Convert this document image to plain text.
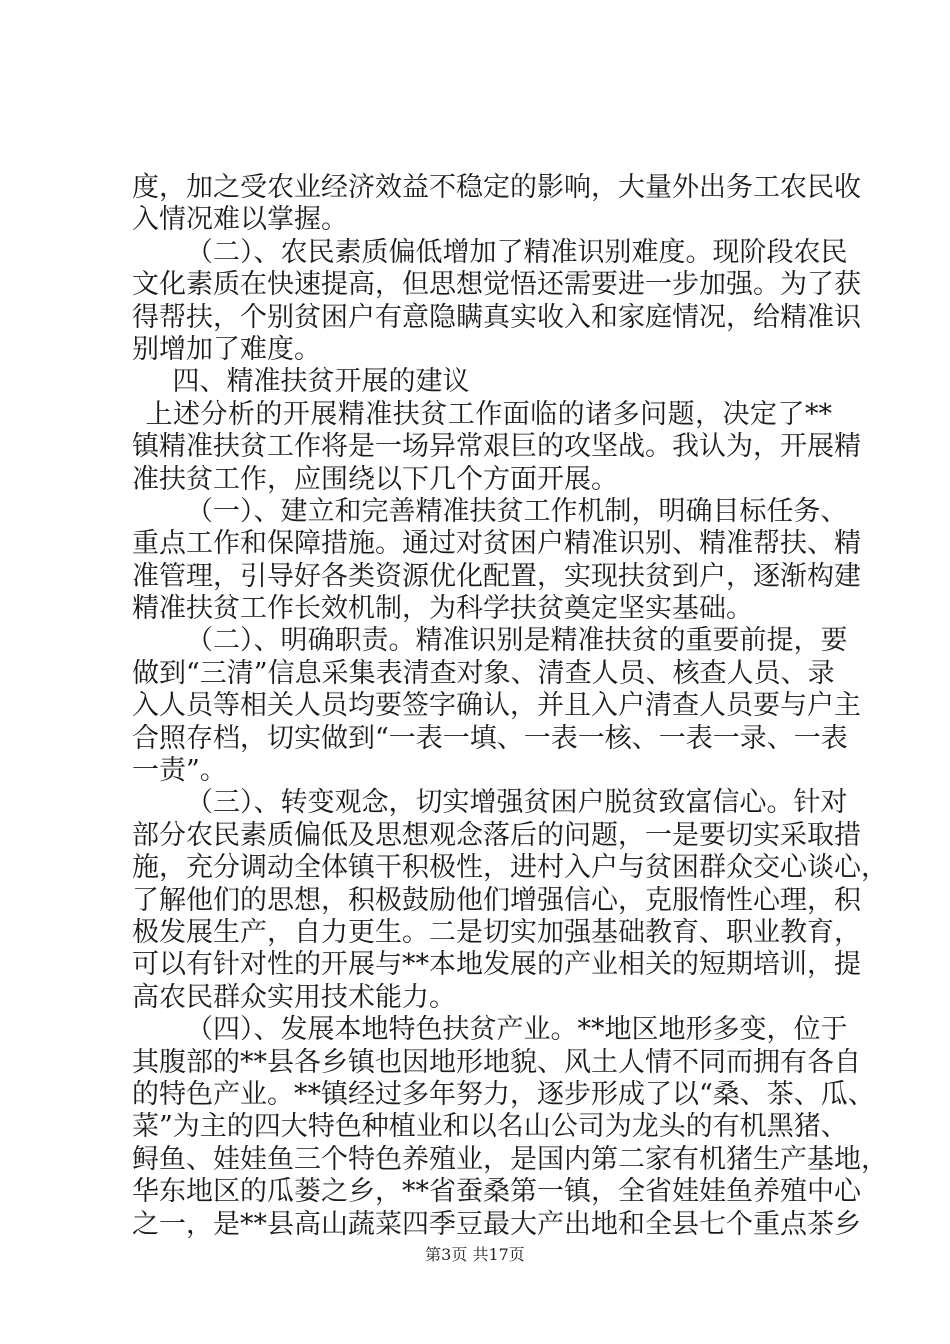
度，加之受农业经济效益不稳定的影响，大量外出务工农民收
入情况难以掌握。
（二）、农民素质偏低增加了精准识别难度。现阶段农民
文化素质在快速提高，但思想觉悟还需要进一步加强。为了获
得帮扶，个别贫困户有意隐瞒真实收入和家庭情况，给精准识
别增加了难度。
四、精准扶贫开展的建议
上述分析的开展精准扶贫工作面临的诸多问题，决定了**
镇精准扶贫工作将是一场异常艰巨的攻坚战。我认为，开展精
准扶贫工作，应围绕以下几个方面开展。
（一）、建立和完善精准扶贫工作机制，明确目标任务、
重点工作和保障措施。通过对贫困户精准识别、精准帮扶、精
准管理，引导好各类资源优化配置，实现扶贫到户，逐渐构建
精准扶贫工作长效机制，为科学扶贫奠定坚实基础。
（二）、明确职责。精准识别是精准扶贫的重要前提，要
做到“三清”信息采集表清查对象、清查人员、核查人员、录
入人员等相关人员均要签字确认，并且入户清查人员要与户主
合照存档，切实做到“一表一填、一表一核、一表一录、一表
一责”。
（三）、转变观念，切实增强贫困户脱贫致富信心。针对
部分农民素质偏低及思想观念落后的问题，一是要切实采取措
施，充分调动全体镇干积极性，进村入户与贫困群众交心谈心，
了解他们的思想，积极鼓励他们增强信心，克服惰性心理，积
极发展生产，自力更生。二是切实加强基础教育、职业教育，
可以有针对性的开展与**本地发展的产业相关的短期培训，提
高农民群众实用技术能力。
（四）、发展本地特色扶贫产业。**地区地形多变，位于
其腹部的**县各乡镇也因地形地貌、风土人情不同而拥有各自
的特色产业。**镇经过多年努力，逐步形成了以“桑、茶、瓜、
菜”为主的四大特色种植业和以名山公司为龙头的有机黑猪、
鲟鱼、娃娃鱼三个特色养殖业，是国内第二家有机猪生产基地，
华东地区的瓜蒌之乡，**省蚕桑第一镇，全省娃娃鱼养殖中心
之一，是**县高山蔬菜四季豆最大产出地和全县七个重点茶乡
第3页 共17页
